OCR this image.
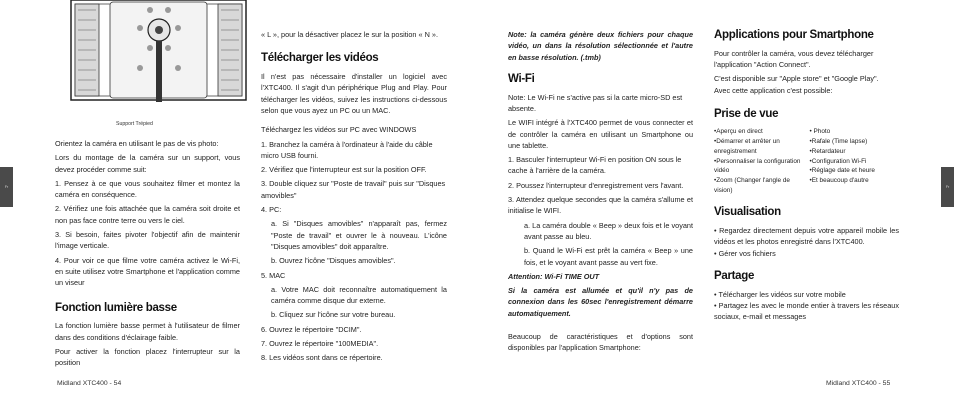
Fr	Fr
Support Trépied

Orientez la caméra en utilisant le pas de vis photo:

Lors du montage de la caméra sur un support, vous devez procéder comme suit:

1. Pensez à ce que vous souhaitez filmer et montez la caméra en conséquence.

2. Vérifiez une fois attachée que la caméra soit droite et non pas face contre terre ou vers le ciel.

3. Si besoin, faites pivoter l'objectif afin de maintenir l'image verticale.

4. Pour voir ce que filme votre caméra activez le Wi-Fi, en suite utilisez votre Smartphone et l'application comme un viseur

Fonction lumière basse

La fonction lumière basse permet à l'utilisateur de filmer dans des conditions d'éclairage faible.

Pour activer la fonction placez l'interrupteur sur la position

« L », pour la désactiver placez le sur la position « N ».

Télécharger les vidéos

Il n'est pas nécessaire d'installer un logiciel avec l'XTC400. Il s'agit d'un périphérique Plug and Play. Pour télécharger les vidéos, suivez les instructions ci-dessous selon que vous ayez un PC ou un MAC.

Téléchargez les vidéos sur PC avec WINDOWS

1. Branchez la caméra à l'ordinateur à l'aide du câble micro USB fourni.

2. Vérifiez que l'interrupteur est sur la position OFF.

3. Double cliquez sur "Poste de travail" puis sur "Disques amovibles"

4. PC:

a. Si "Disques amovibles" n'apparaît pas, fermez "Poste de travail" et ouvrer le à nouveau. L'icône "Disques amovibles" doit apparaître.

b. Ouvrez l'icône "Disques amovibles".

5. MAC

a. Votre MAC doit reconnaître automatiquement la caméra comme disque dur externe.

b. Cliquez sur l'icône sur votre bureau.

6. Ouvrez le répertoire "DCIM".

7. Ouvrez le répertoire "100MEDIA".

8. Les vidéos sont dans ce répertoire.

Note: la caméra génère deux fichiers pour chaque vidéo, un dans la résolution sélectionnée et l'autre en basse résolution. (.tmb)

Wi-Fi

Note: Le Wi-Fi ne s'active pas si la carte micro-SD est absente.

Le WIFI intégré à l'XTC400 permet de vous connecter et de contrôler la caméra en utilisant un Smartphone ou une tablette.

1. Basculer l'interrupteur Wi-Fi en position ON sous le cache à l'arrière de la caméra.

2. Poussez l'interrupteur d'enregistrement vers l'avant.

3. Attendez quelque secondes que la caméra s'allume et initialise le WIFI.

a. La caméra double « Beep » deux fois et le voyant avant passe au bleu.

b. Quand le Wi-Fi est prêt la caméra « Beep » une fois, et le voyant avant passe au vert fixe.

Attention: Wi-Fi TIME OUT

Si la caméra est allumée et qu'il n'y pas de connexion dans les 60sec l'enregistrement démarre automatiquement.

Beaucoup de caractéristiques et d'options sont disponibles par l'application Smartphone:

Applications pour Smartphone

Pour contrôler la caméra, vous devez télécharger l'application "Action Connect".

C'est disponible sur "Apple store" et "Google Play".

Avec cette application c'est possible:

Prise de vue
•Aperçu en direct
•Démarrer et arrêter un enregistrement
•Personnaliser la configuration vidéo
•Zoom (Changer l'angle de vision)
• Photo
•Rafale (Time lapse)
•Retardateur
•Configuration Wi-Fi
•Réglage date et heure
•Et beaucoup d'autre
Visualisation

• Regardez directement depuis votre appareil mobile les vidéos et les photos enregistré dans l'XTC400.

• Gérer vos fichiers

Partage

• Télécharger les vidéos sur votre mobile

• Partagez les avec le monde entier à travers les réseaux sociaux, e-mail et messages

Midland XTC400 - 54	Midland XTC400 - 55
